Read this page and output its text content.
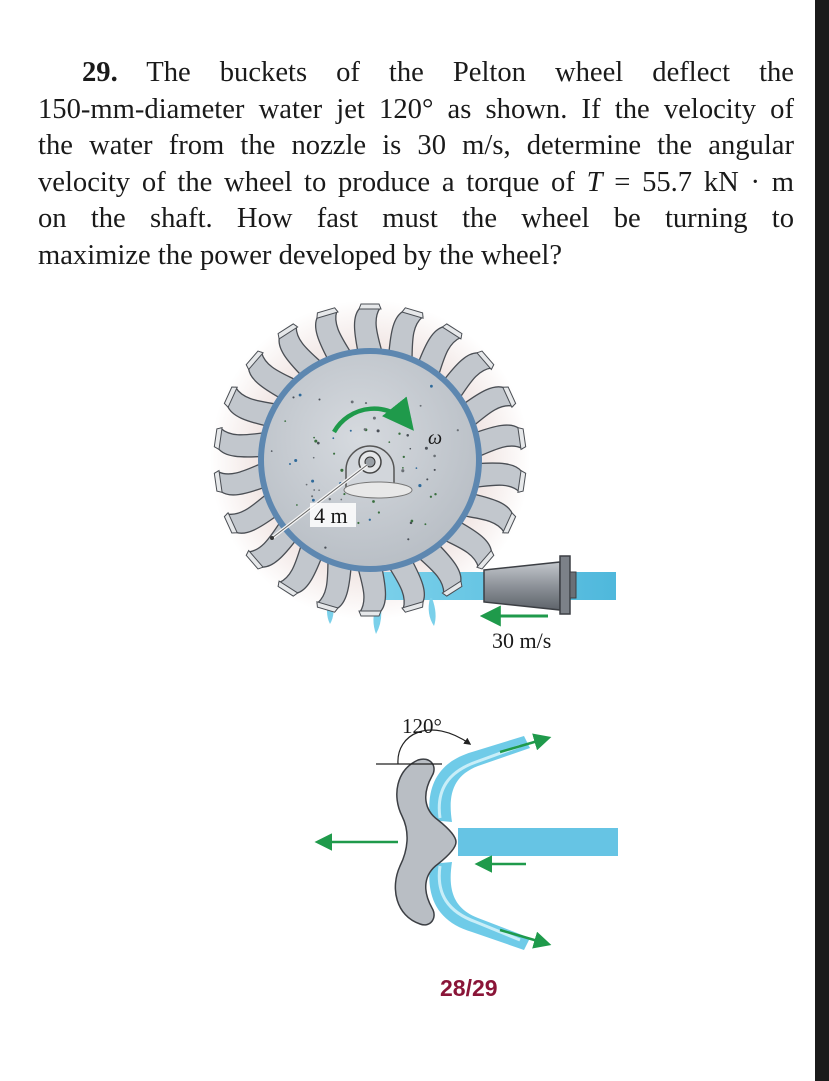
29. The buckets of the Pelton wheel deflect the
150-mm-diameter water jet 120° as shown. If the velocity of
the water from the nozzle is 30 m/s, determine the angular
velocity of the wheel to produce a torque of T = 55.7 kN · m
on the shaft. How fast must the wheel be turning to
maximize the power developed by the wheel?
4 m
ω
30 m/s
120°
28/29
